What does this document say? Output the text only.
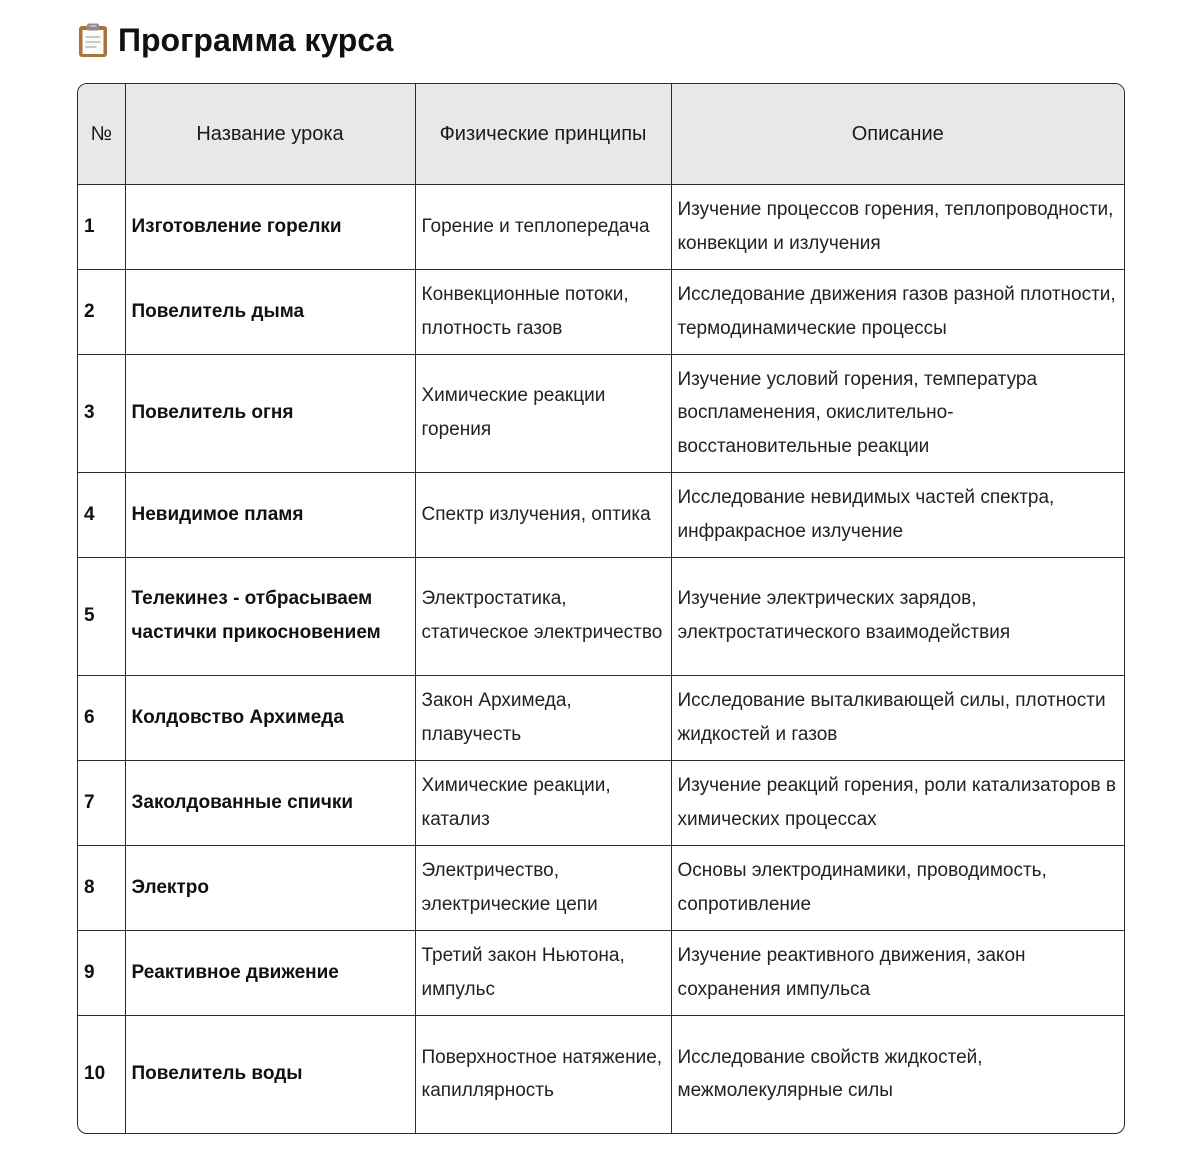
Программа курса
№	Название урока	Физические принципы	Описание
1	Изготовление горелки	Горение и теплопередача	Изучение процессов горения, теплопроводности, конвекции и излучения
2	Повелитель дыма	Конвекционные потоки, плотность газов	Исследование движения газов разной плотности, термодинамические процессы
3	Повелитель огня	Химические реакции горения	Изучение условий горения, температура воспламенения, окислительно-восстановительные реакции
4	Невидимое пламя	Спектр излучения, оптика	Исследование невидимых частей спектра, инфракрасное излучение
5	Телекинез - отбрасываем частички прикосновением	Электростатика, статическое электричество	Изучение электрических зарядов, электростатического взаимодействия
6	Колдовство Архимеда	Закон Архимеда, плавучесть	Исследование выталкивающей силы, плотности жидкостей и газов
7	Заколдованные спички	Химические реакции, катализ	Изучение реакций горения, роли катализаторов в химических процессах
8	Электро	Электричество, электрические цепи	Основы электродинамики, проводимость, сопротивление
9	Реактивное движение	Третий закон Ньютона, импульс	Изучение реактивного движения, закон сохранения импульса
10	Повелитель воды	Поверхностное натяжение, капиллярность	Исследование свойств жидкостей, межмолекулярные силы
